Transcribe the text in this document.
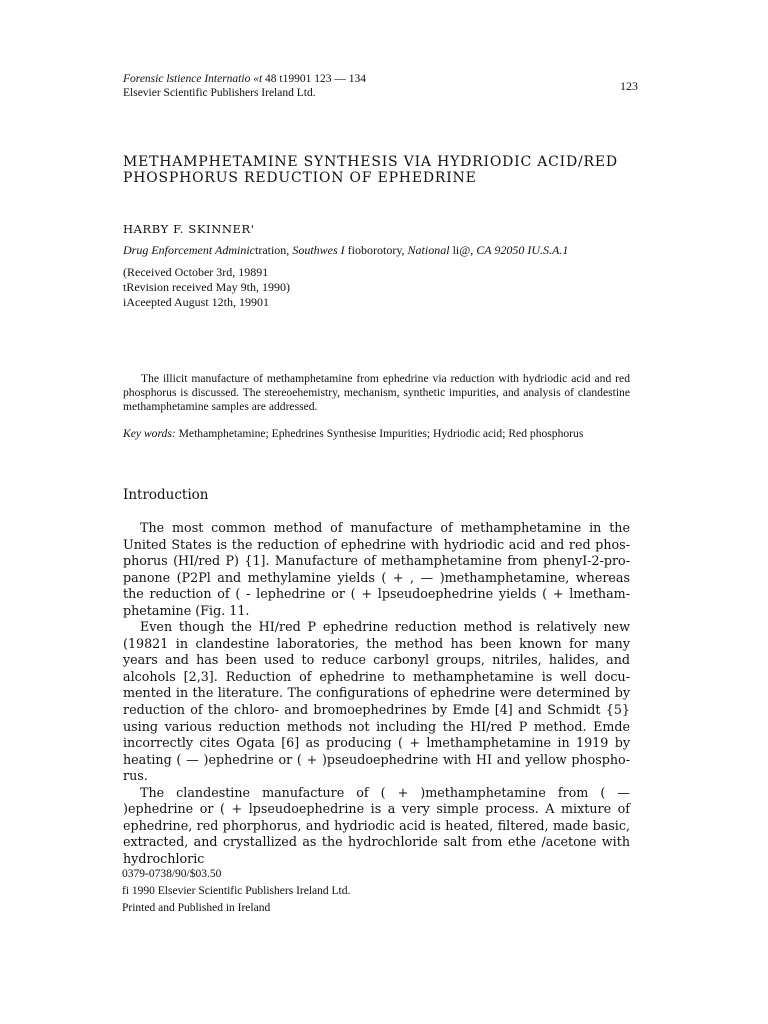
Forensic lstience Internatio «t 48 t19901 123 — 134
Elsevier Scientific Publishers Ireland Ltd.	123
METHAMPHETAMINE SYNTHESIS VIA HYDRIODIC ACID/RED
PHOSPHORUS REDUCTION OF EPHEDRINE
HARBY F. SKINNER'
Drug Enforcement Adminictration, Southwes I fioborotory, National li@, CA 92050 IU.S.A.1
(Received October 3rd, 19891
tRevision received May 9th, 1990)
iAceepted August 12th, 19901
The illicit manufacture of methamphetamine from ephedrine via reduction with hydriodic acid and red phosphorus is discussed. The stereoehemistry, mechanism, synthetic impurities, and analysis of clandestine methamphetamine samples are addressed.
Key words: Methamphetamine; Ephedrines Synthesise Impurities; Hydriodic acid; Red phosphorus
Introduction

The most common method of manufacture of methamphetamine in the United States is the reduction of ephedrine with hydriodic acid and red phosphorus (HI/red P) {1]. Manufacture of methamphetamine from phenyI-2-propanone (P2Pl and methylamine yields ( + , — )methamphetamine, whereas the reduction of ( - lephedrine or ( + lpseudoephedrine yields ( + lmethamphetamine (Fig. 11.

Even though the HI/red P ephedrine reduction method is relatively new (19821 in clandestine laboratories, the method has been known for many years and has been used to reduce carbonyl groups, nitriles, halides, and alcohols [2,3]. Reduction of ephedrine to methamphetamine is well documented in the literature. The configurations of ephedrine were determined by reduction of the chloro- and bromoephedrines by Emde [4] and Schmidt {5} using various reduction methods not including the HI/red P method. Emde incorrectly cites Ogata [6] as producing ( + lmethamphetamine in 1919 by heating ( — )ephedrine or ( + )pseudoephedrine with HI and yellow phosphorus.

The clandestine manufacture of ( + )methamphetamine from ( — )ephedrine or ( + lpseudoephedrine is a very simple process. A mixture of ephedrine, red phorphorus, and hydriodic acid is heated, filtered, made basic, extracted, and crystallized as the hydrochloride salt from ethe /acetone with hydrochloric

0379-0738/90/$03.50
fi 1990 Elsevier Scientific Publishers Ireland Ltd.
Printed and Published in Ireland
